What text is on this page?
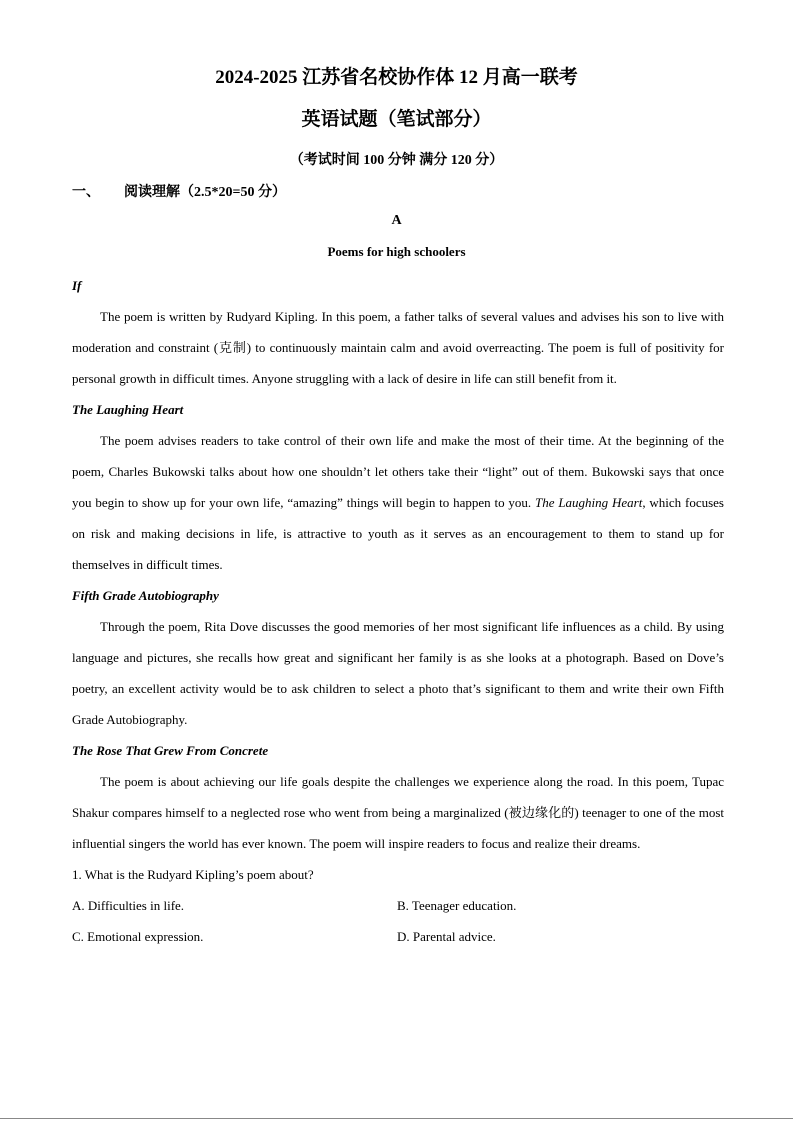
2024-2025 江苏省名校协作体 12 月高一联考
英语试题（笔试部分）
（考试时间 100 分钟 满分 120 分）
一、 阅读理解（2.5*20=50 分）
A
Poems for high schoolers
If

The poem is written by Rudyard Kipling. In this poem, a father talks of several values and advises his son to live with moderation and constraint (克制) to continuously maintain calm and avoid overreacting. The poem is full of positivity for personal growth in difficult times. Anyone struggling with a lack of desire in life can still benefit from it.

The Laughing Heart

The poem advises readers to take control of their own life and make the most of their time. At the beginning of the poem, Charles Bukowski talks about how one shouldn’t let others take their “light” out of them. Bukowski says that once you begin to show up for your own life, “amazing” things will begin to happen to you. The Laughing Heart, which focuses on risk and making decisions in life, is attractive to youth as it serves as an encouragement to them to stand up for themselves in difficult times.

Fifth Grade Autobiography

Through the poem, Rita Dove discusses the good memories of her most significant life influences as a child. By using language and pictures, she recalls how great and significant her family is as she looks at a photograph. Based on Dove’s poetry, an excellent activity would be to ask children to select a photo that’s significant to them and write their own Fifth Grade Autobiography.

The Rose That Grew From Concrete

The poem is about achieving our life goals despite the challenges we experience along the road. In this poem, Tupac Shakur compares himself to a neglected rose who went from being a marginalized (被边缘化的) teenager to one of the most influential singers the world has ever known. The poem will inspire readers to focus and realize their dreams.

1. What is the Rudyard Kipling’s poem about?

A. Difficulties in life.	B. Teenager education.
C. Emotional expression.	D. Parental advice.
